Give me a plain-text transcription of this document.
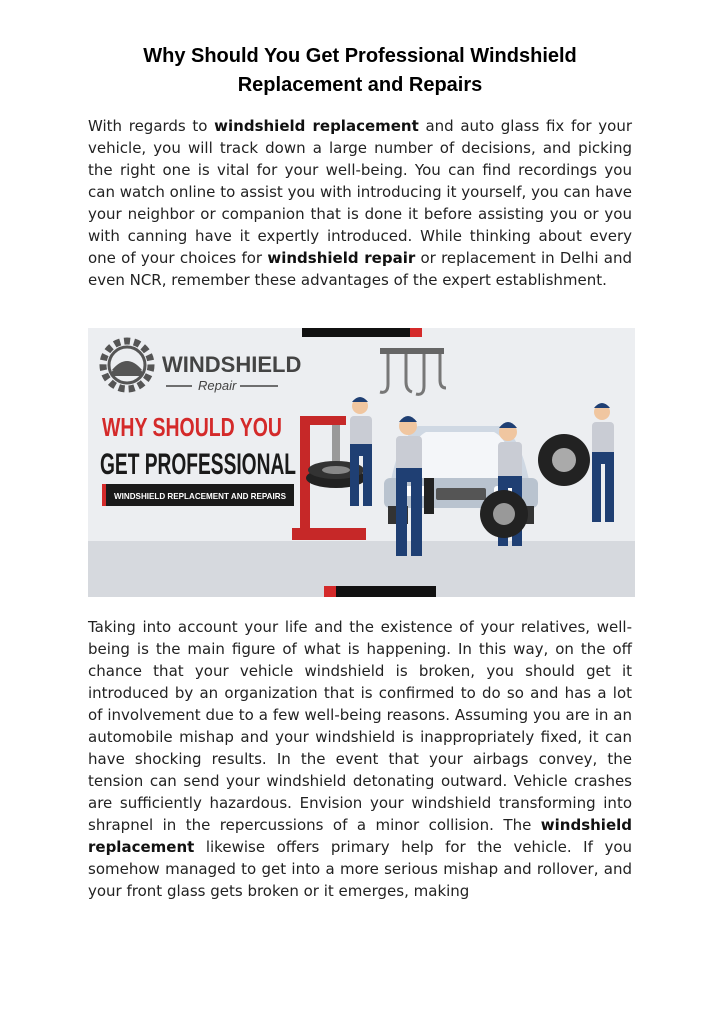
Why Should You Get Professional Windshield
Replacement and Repairs

With regards to windshield replacement and auto glass fix for your vehicle, you will track down a large number of decisions, and picking the right one is vital for your well-being. You can find recordings you can watch online to assist you with introducing it yourself, you can have your neighbor or companion that is done it before assisting you or you with canning have it expertly introduced. While thinking about every one of your choices for windshield repair or replacement in Delhi and even NCR, remember these advantages of the expert establishment.

WINDSHIELD
Repair
WHY SHOULD YOU
GET PROFESSIONAL
WINDSHIELD REPLACEMENT AND REPAIRS

Taking into account your life and the existence of your relatives, well-being is the main figure of what is happening. In this way, on the off chance that your vehicle windshield is broken, you should get it introduced by an organization that is confirmed to do so and has a lot of involvement due to a few well-being reasons. Assuming you are in an automobile mishap and your windshield is inappropriately fixed, it can have shocking results. In the event that your airbags convey, the tension can send your windshield detonating outward. Vehicle crashes are sufficiently hazardous. Envision your windshield transforming into shrapnel in the repercussions of a minor collision. The windshield replacement likewise offers primary help for the vehicle. If you somehow managed to get into a more serious mishap and rollover, and your front glass gets broken or it emerges, making
